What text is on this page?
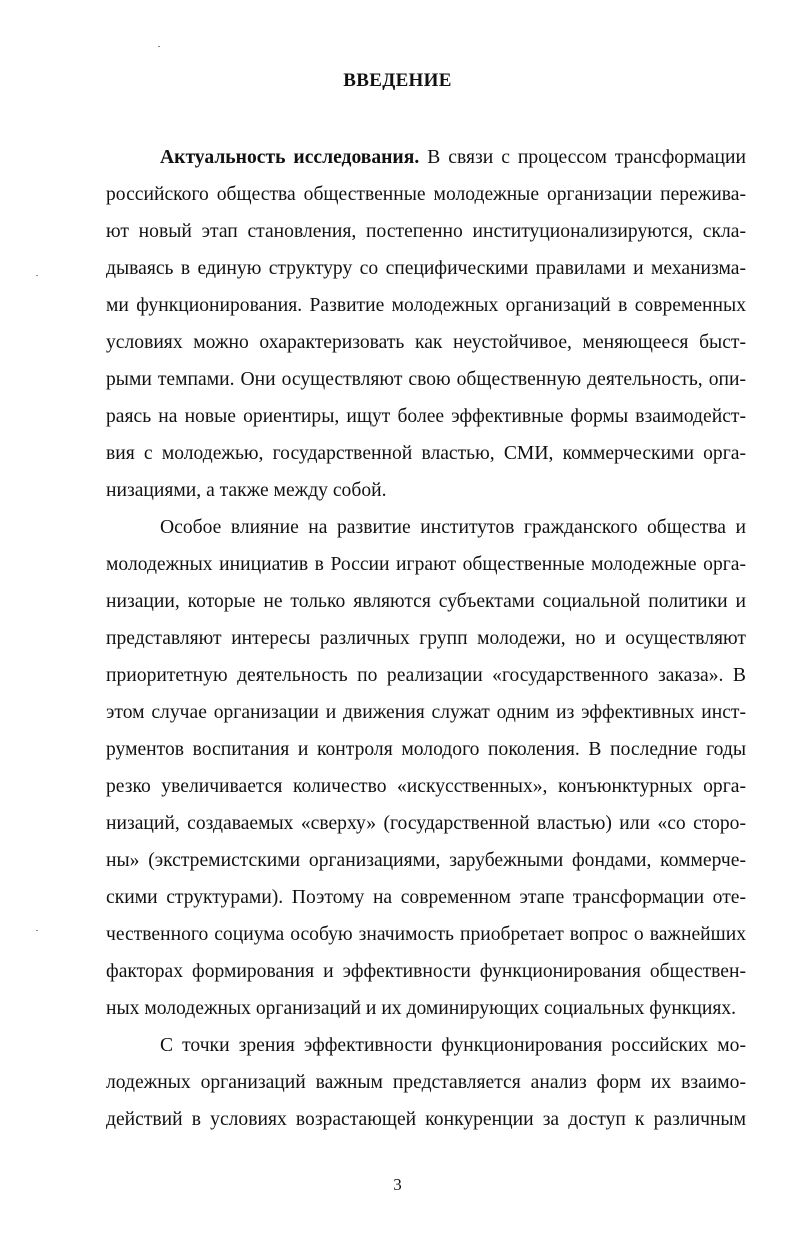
ВВЕДЕНИЕ
Актуальность исследования. В связи с процессом трансформации
российского общества общественные молодежные организации пережива-
ют новый этап становления, постепенно институционализируются, скла-
дываясь в единую структуру со специфическими правилами и механизма-
ми функционирования. Развитие молодежных организаций в современных
условиях можно охарактеризовать как неустойчивое, меняющееся быст-
рыми темпами. Они осуществляют свою общественную деятельность, опи-
раясь на новые ориентиры, ищут более эффективные формы взаимодейст-
вия с молодежью, государственной властью, СМИ, коммерческими орга-
низациями, а также между собой.
Особое влияние на развитие институтов гражданского общества и
молодежных инициатив в России играют общественные молодежные орга-
низации, которые не только являются субъектами социальной политики и
представляют интересы различных групп молодежи, но и осуществляют
приоритетную деятельность по реализации «государственного заказа». В
этом случае организации и движения служат одним из эффективных инст-
рументов воспитания и контроля молодого поколения. В последние годы
резко увеличивается количество «искусственных», конъюнктурных орга-
низаций, создаваемых «сверху» (государственной властью) или «со сторо-
ны» (экстремистскими организациями, зарубежными фондами, коммерче-
скими структурами). Поэтому на современном этапе трансформации оте-
чественного социума особую значимость приобретает вопрос о важнейших
факторах формирования и эффективности функционирования обществен-
ных молодежных организаций и их доминирующих социальных функциях.
С точки зрения эффективности функционирования российских мо-
лодежных организаций важным представляется анализ форм их взаимо-
действий в условиях возрастающей конкуренции за доступ к различным
3
